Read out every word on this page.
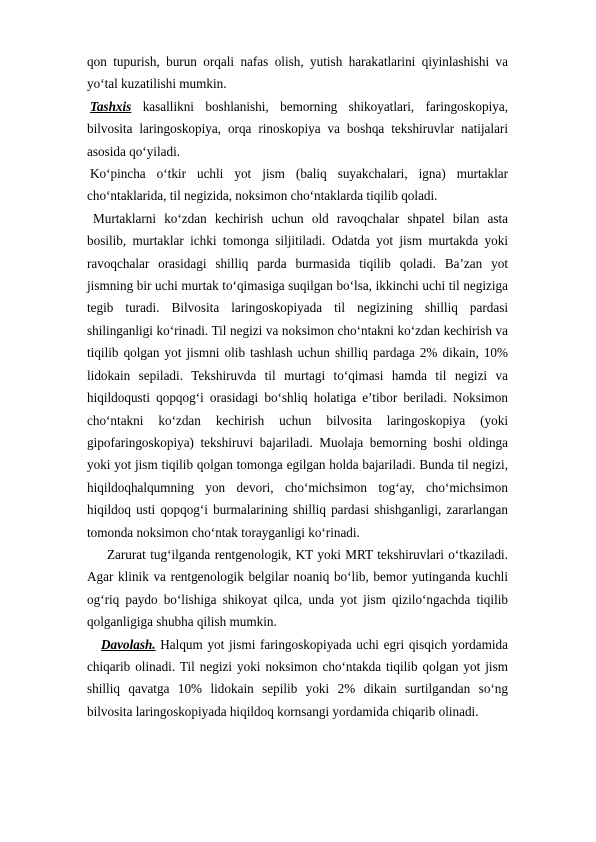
qon tupurish, burun orqali nafas olish, yutish harakatlarini qiyinlashishi va yo‘tal kuzatilishi mumkin.

Tashxis kasallikni boshlanishi, bemorning shikoyatlari, faringoskopiya, bilvosita laringoskopiya, orqa rinoskopiya va boshqa tekshiruvlar natijalari asosida qo‘yiladi.

Ko‘pincha o‘tkir uchli yot jism (baliq suyakchalari, igna) murtaklar cho‘ntaklarida, til negizida, noksimon cho‘ntaklarda tiqilib qoladi.

Murtaklarni ko‘zdan kechirish uchun old ravoqchalar shpatel bilan asta bosilib, murtaklar ichki tomonga siljitiladi. Odatda yot jism murtakda yoki ravoqchalar orasidagi shilliq parda burmasida tiqilib qoladi. Ba’zan yot jismning bir uchi murtak to‘qimasiga suqilgan bo‘lsa, ikkinchi uchi til negiziga tegib turadi. Bilvosita laringoskopiyada til negizining shilliq pardasi shilinganligi ko‘rinadi. Til negizi va noksimon cho‘ntakni ko‘zdan kechirish va tiqilib qolgan yot jismni olib tashlash uchun shilliq pardaga 2% dikain, 10% lidokain sepiladi. Tekshiruvda til murtagi to‘qimasi hamda til negizi va hiqildoqusti qopqog‘i orasidagi bo‘shliq holatiga e’tibor beriladi. Noksimon cho‘ntakni ko‘zdan kechirish uchun bilvosita laringoskopiya (yoki gipofaringoskopiya) tekshiruvi bajariladi. Muolaja bemorning boshi oldinga yoki yot jism tiqilib qolgan tomonga egilgan holda bajariladi. Bunda til negizi, hiqildoqhalqumning yon devori, cho‘michsimon tog‘ay, cho‘michsimon hiqildoq usti qopqog‘i burmalarining shilliq pardasi shishganligi, zararlangan tomonda noksimon cho‘ntak torayganligi ko‘rinadi.

Zarurat tug‘ilganda rentgenologik, KT yoki MRT tekshiruvlari o‘tkaziladi. Agar klinik va rentgenologik belgilar noaniq bo‘lib, bemor yutinganda kuchli og‘riq paydo bo‘lishiga shikoyat qilca, unda yot jism qizilo‘ngachda tiqilib qolganligiga shubha qilish mumkin.

Davolash. Halqum yot jismi faringoskopiyada uchi egri qisqich yordamida chiqarib olinadi. Til negizi yoki noksimon cho‘ntakda tiqilib qolgan yot jism shilliq qavatga 10% lidokain sepilib yoki 2% dikain surtilgandan so‘ng bilvosita laringoskopiyada hiqildoq kornsangi yordamida chiqarib olinadi.
